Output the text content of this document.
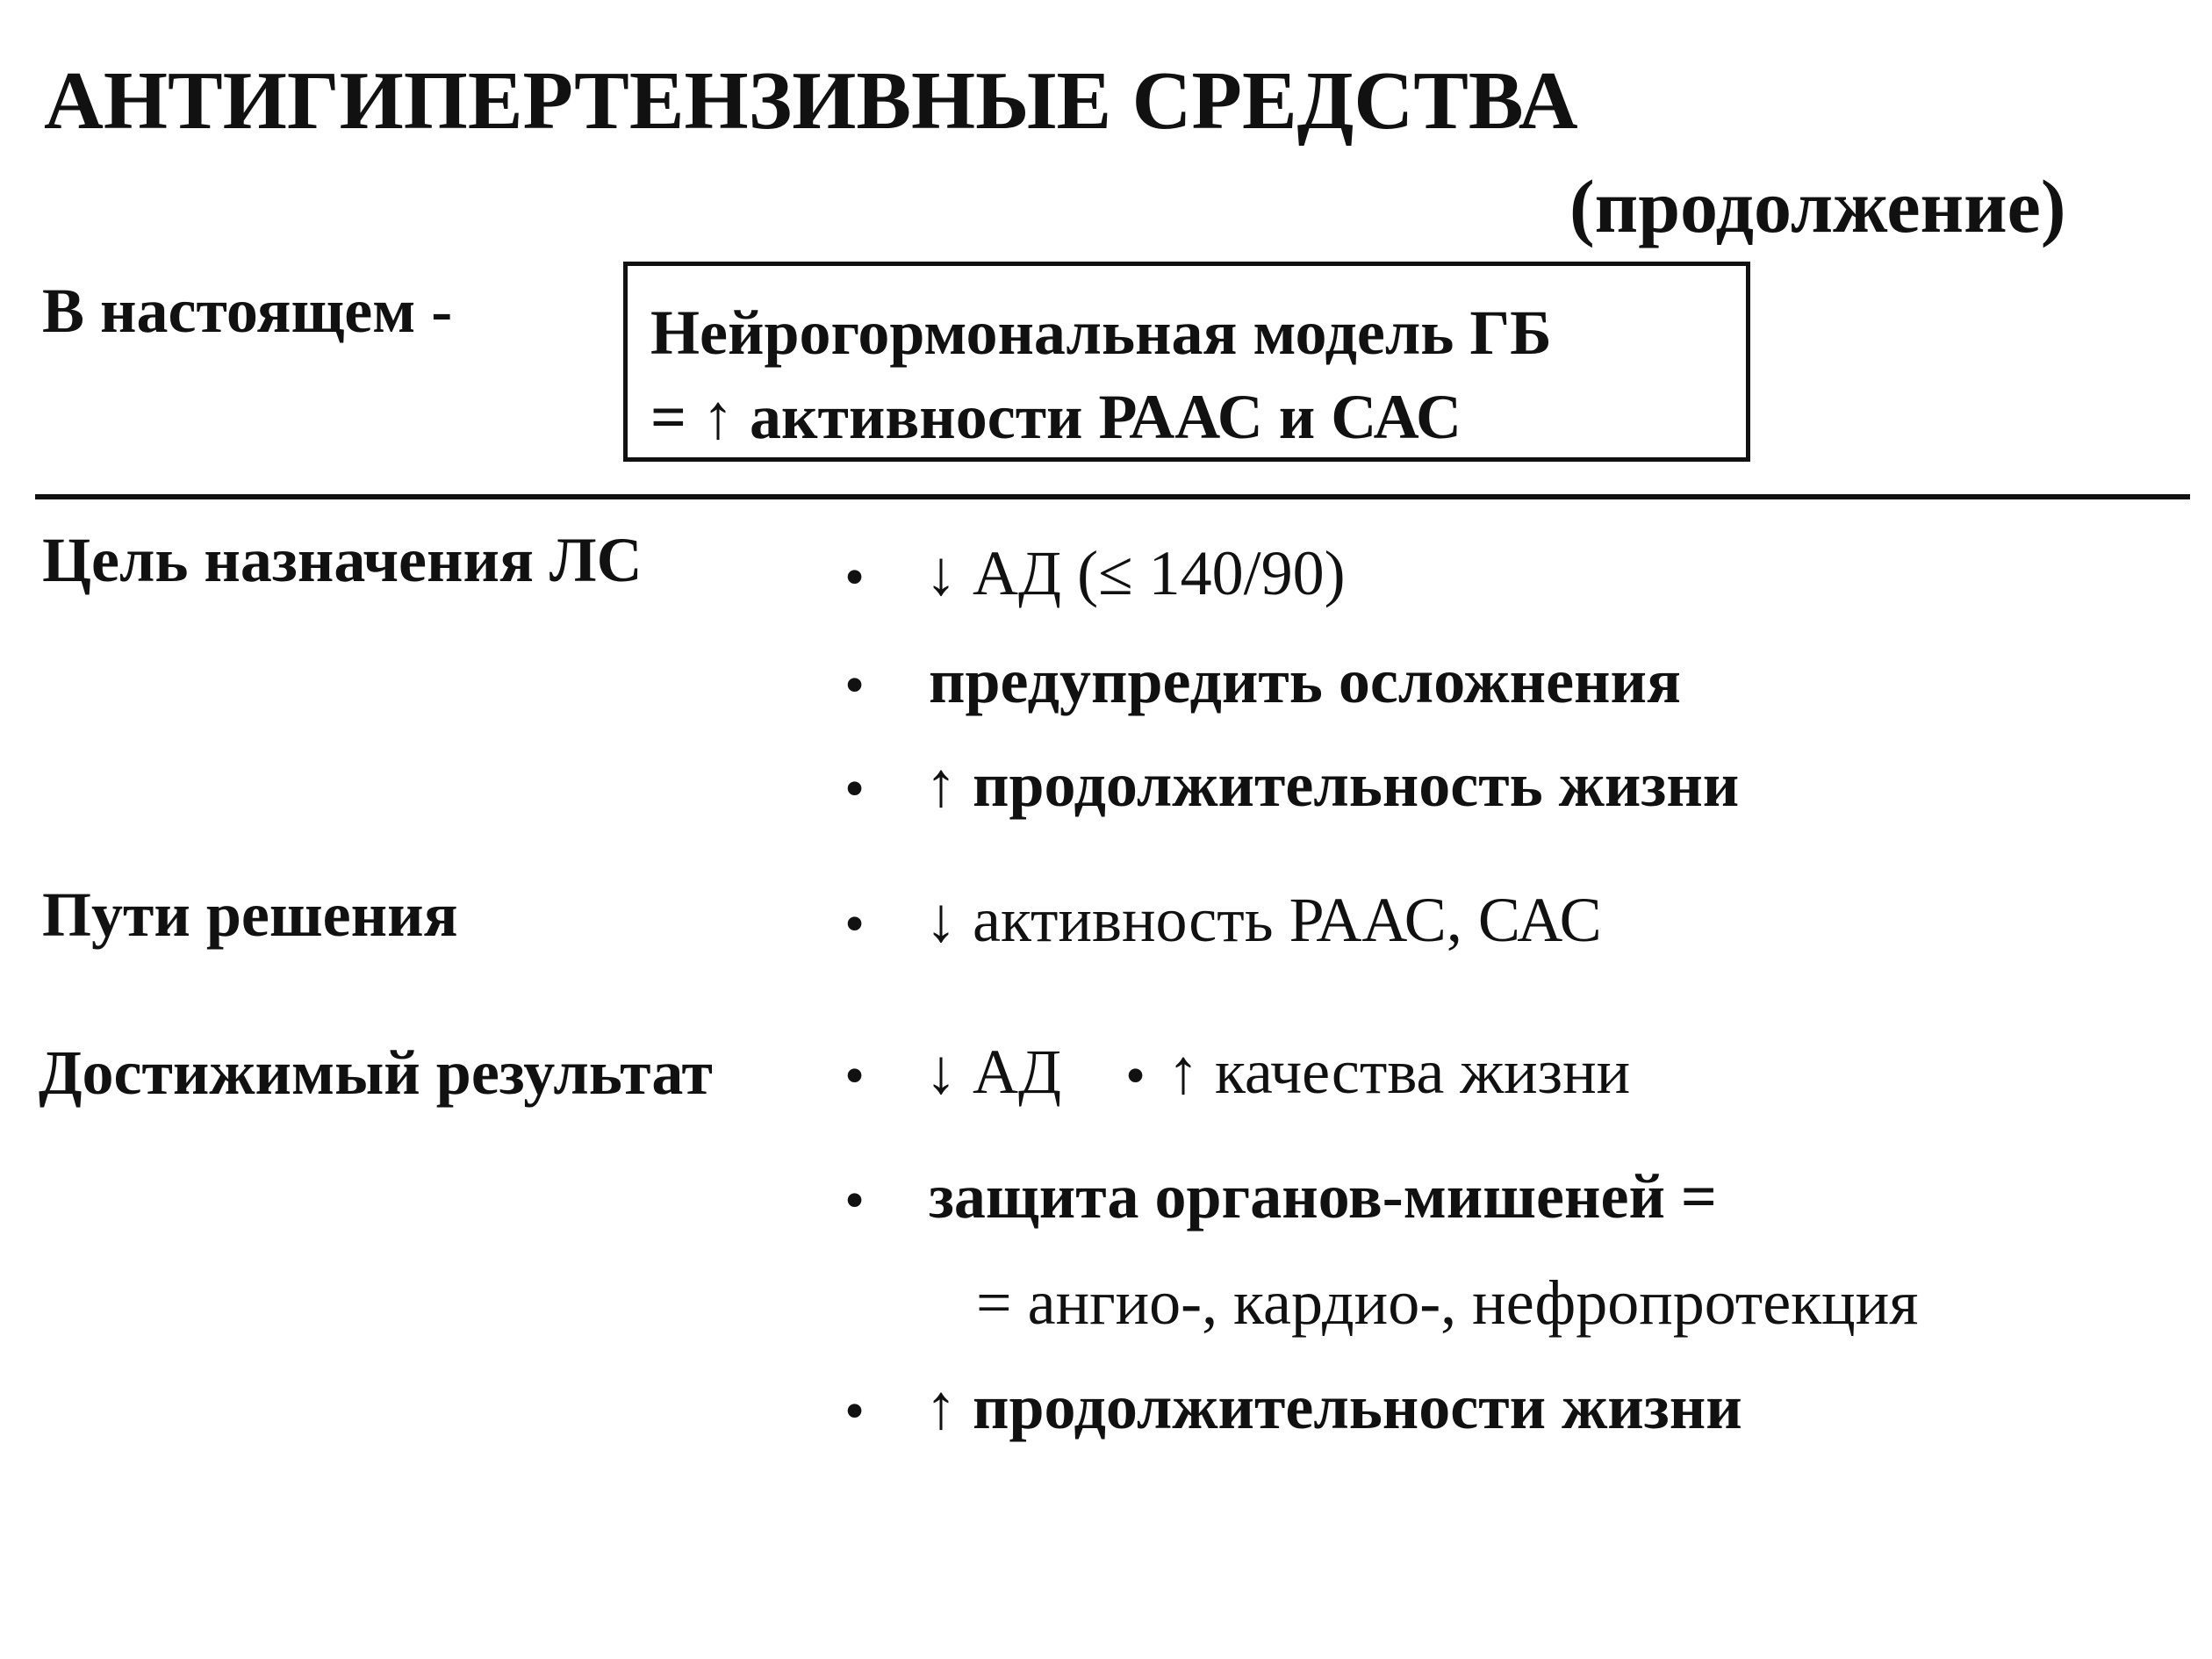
АНТИГИПЕРТЕНЗИВНЫЕ СРЕДСТВА
(продолжение)
В настоящем -	Нейрогормональная модель ГБ
= ↑ активности РААС и САС
Цель назначения ЛС	• ↓ АД (≤ 140/90)
• предупредить осложнения
• ↑ продолжительность жизни
Пути решения	• ↓ активность РААС, САС
Достижимый результат • ↓ АД • ↑ качества жизни
• защита органов-мишеней =
= ангио-, кардио-, нефропротекция
• ↑ продолжительности жизни
